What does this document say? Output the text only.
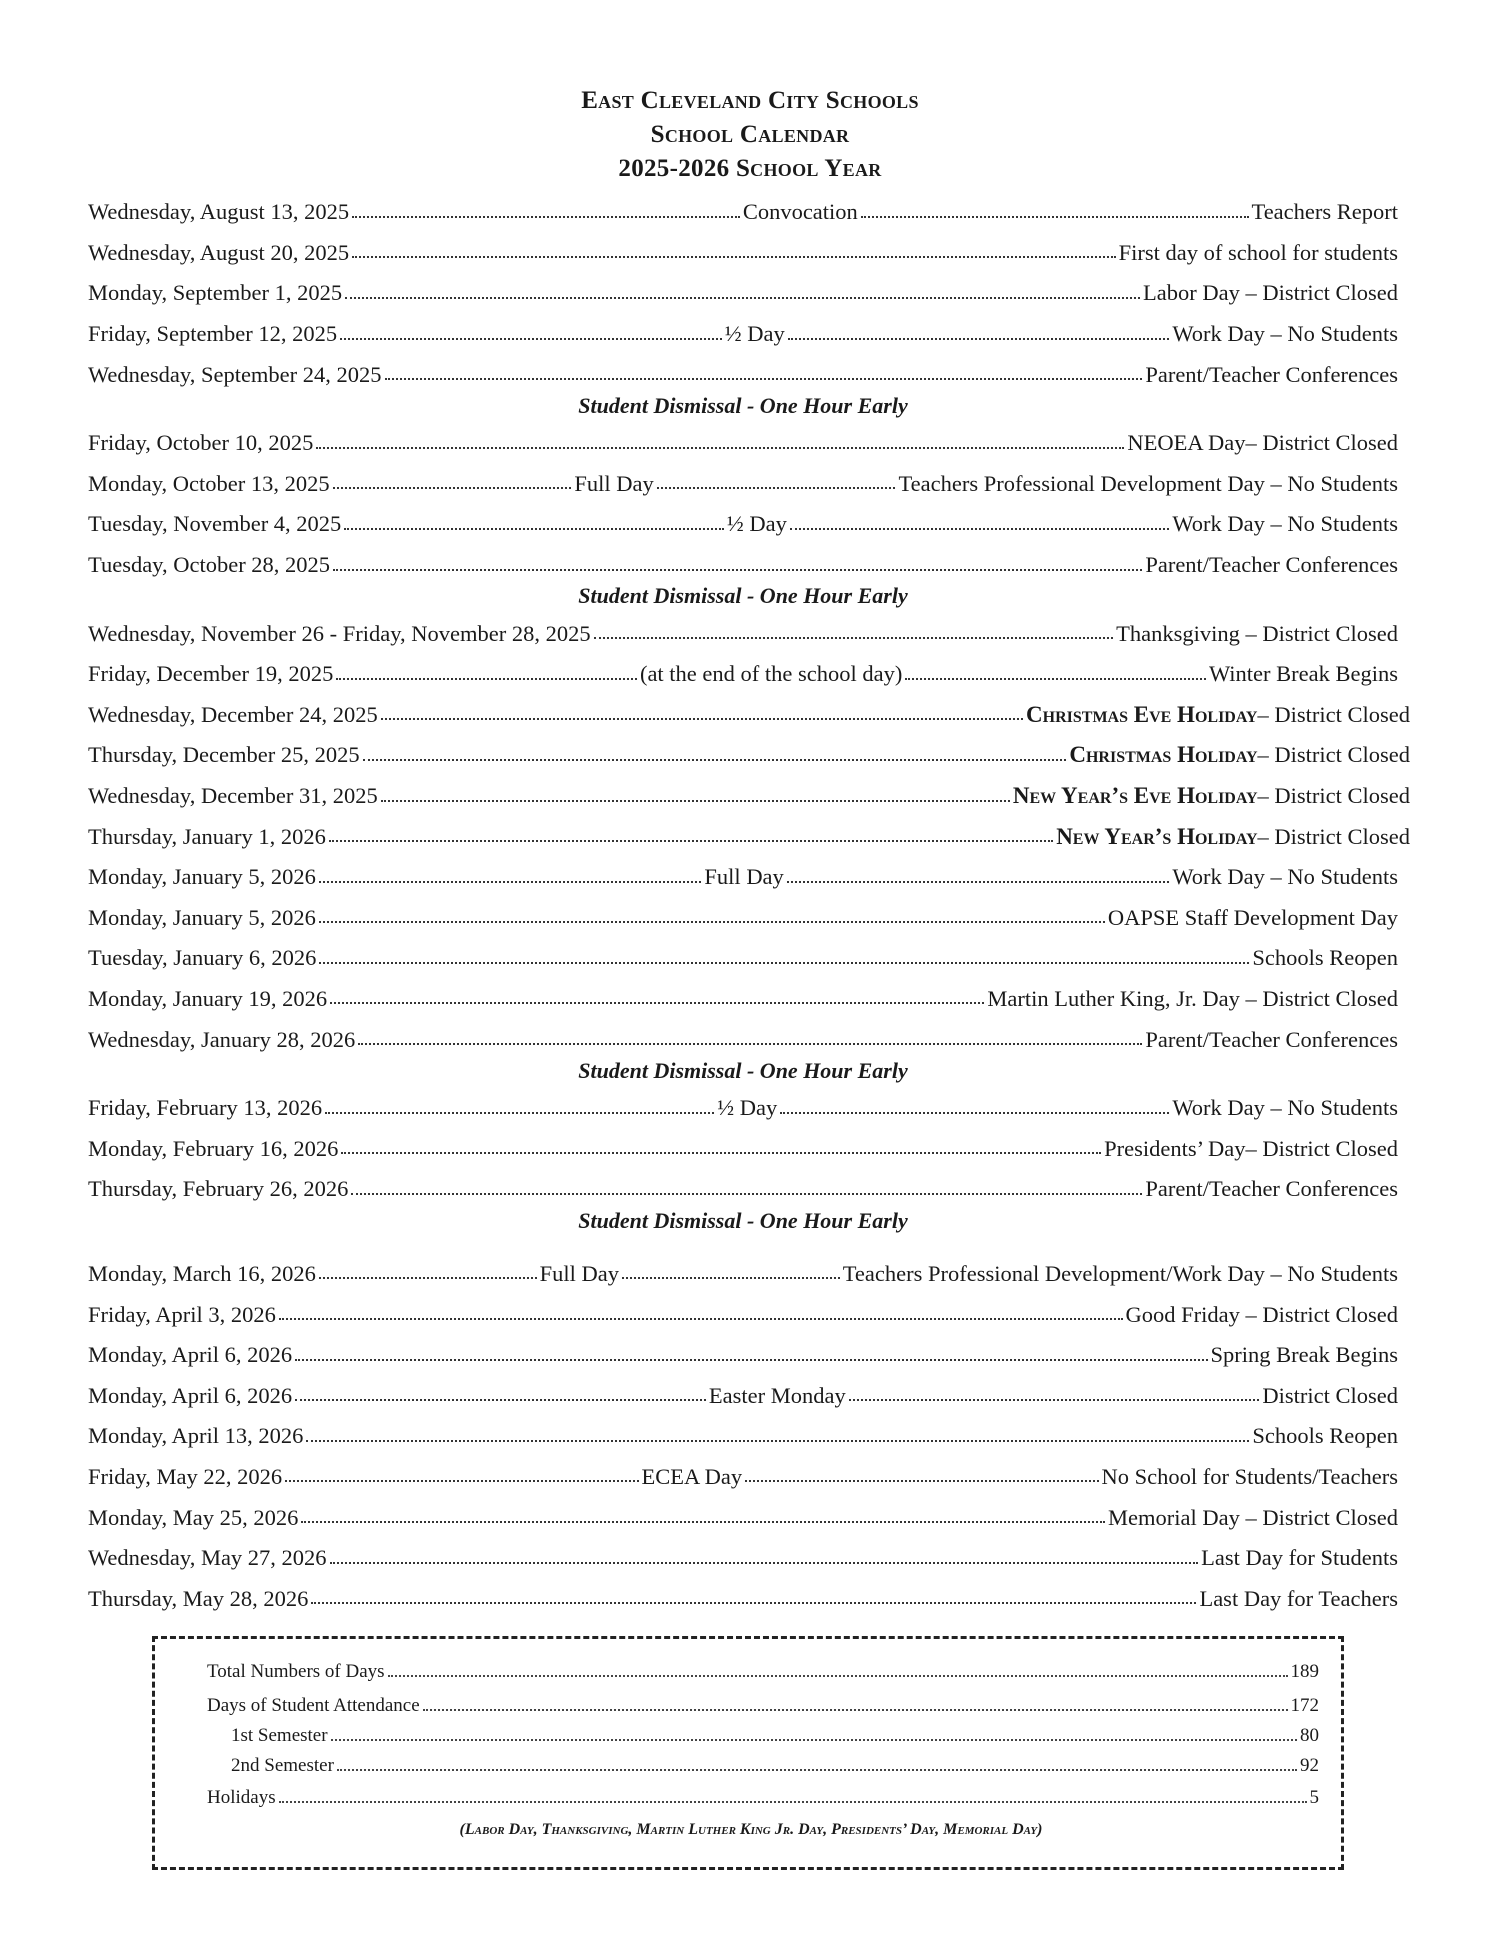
East Cleveland City Schools
School Calendar
2025-2026 School Year
Wednesday, August 13, 2025	Convocation	Teachers Report
Wednesday, August 20, 2025	First day of school for students
Monday, September 1, 2025	Labor Day – District Closed
Friday, September 12, 2025	½ Day	Work Day – No Students
Wednesday, September 24, 2025	Parent/Teacher Conferences
Student Dismissal - One Hour Early
Friday, October 10, 2025	NEOEA Day– District Closed
Monday, October 13, 2025	Full Day	Teachers Professional Development Day – No Students
Tuesday, November 4, 2025	½ Day	Work Day – No Students
Tuesday, October 28, 2025	Parent/Teacher Conferences
Student Dismissal - One Hour Early
Wednesday, November 26 - Friday, November 28, 2025	Thanksgiving – District Closed
Friday, December 19, 2025	(at the end of the school day)	Winter Break Begins
Wednesday, December 24, 2025	Christmas Eve Holiday – District Closed
Thursday, December 25, 2025	Christmas Holiday – District Closed
Wednesday, December 31, 2025	New Year’s Eve Holiday – District Closed
Thursday, January 1, 2026	New Year’s Holiday – District Closed
Monday, January 5, 2026	Full Day	Work Day – No Students
Monday, January 5, 2026	OAPSE Staff Development Day
Tuesday, January 6, 2026	Schools Reopen
Monday, January 19, 2026	Martin Luther King, Jr. Day – District Closed
Wednesday, January 28, 2026	Parent/Teacher Conferences
Student Dismissal - One Hour Early
Friday, February 13, 2026	½ Day	Work Day – No Students
Monday, February 16, 2026	Presidents’ Day– District Closed
Thursday, February 26, 2026	Parent/Teacher Conferences
Student Dismissal - One Hour Early
Monday, March 16, 2026	Full Day	Teachers Professional Development/Work Day – No Students
Friday, April 3, 2026	Good Friday – District Closed
Monday, April 6, 2026	Spring Break Begins
Monday, April 6, 2026	Easter Monday	District Closed
Monday, April 13, 2026	Schools Reopen
Friday, May 22, 2026	ECEA Day	No School for Students/Teachers
Monday, May 25, 2026	Memorial Day – District Closed
Wednesday, May 27, 2026	Last Day for Students
Thursday, May 28, 2026	Last Day for Teachers
(Labor Day, Thanksgiving, Martin Luther King Jr. Day, Presidents’ Day, Memorial Day)
Total Numbers of Days	189
Days of Student Attendance	172
1st Semester	80
2nd Semester	92
Holidays	5
